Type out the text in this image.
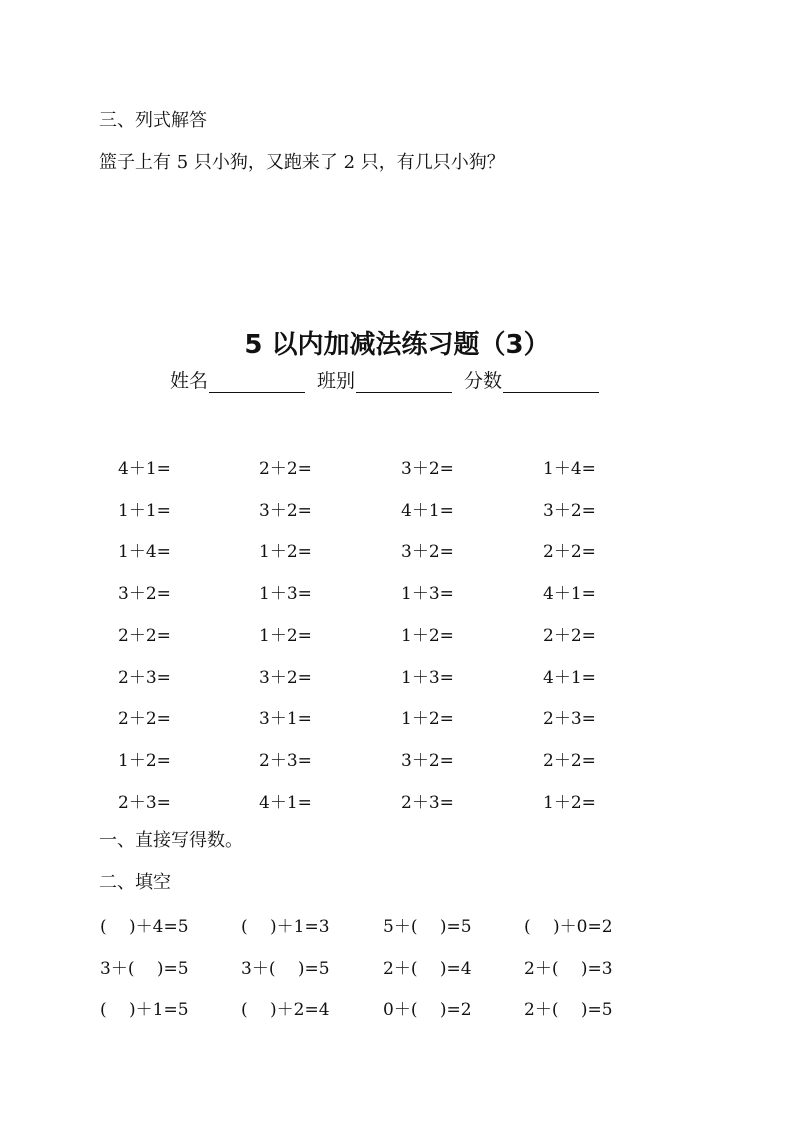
三、列式解答
篮子上有 5 只小狗，又跑来了 2 只，有几只小狗？
5 以内加减法练习题（3）
姓名	班别	分数
4＋1=	2＋2=	3＋2=	1＋4=
1＋1=	3＋2=	4＋1=	3＋2=
1＋4=	1＋2=	3＋2=	2＋2=
3＋2=	1＋3=	1＋3=	4＋1=
2＋2=	1＋2=	1＋2=	2＋2=
2＋3=	3＋2=	1＋3=	4＋1=
2＋2=	3＋1=	1＋2=	2＋3=
1＋2=	2＋3=	3＋2=	2＋2=
2＋3=	4＋1=	2＋3=	1＋2=
一、直接写得数。
二、填空
(　 )＋4=5	(　 )＋1=3	5＋(　 )=5	(　 )＋0=2
3＋(　 )=5	3＋(　 )=5	2＋(　 )=4	2＋(　 )=3
(　 )＋1=5	(　 )＋2=4	0＋(　 )=2	2＋(　 )=5
